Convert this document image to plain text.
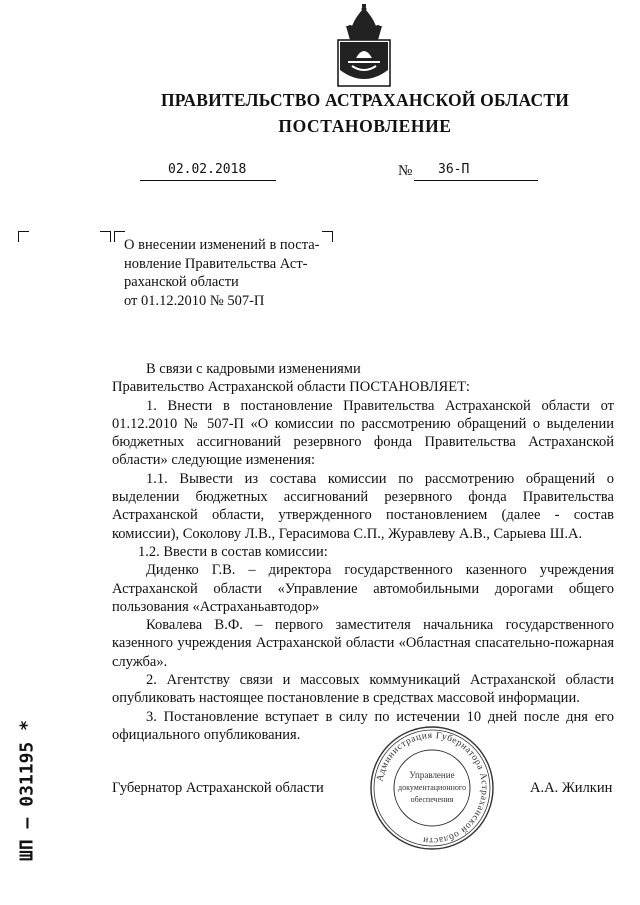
ПРАВИТЕЛЬСТВО АСТРАХАНСКОЙ ОБЛАСТИ
ПОСТАНОВЛЕНИЕ
02.02.2018	№ 36-П
О внесении изменений в поста-
новление Правительства Аст-
раханской области
от 01.12.2010 № 507-П

В связи с кадровыми изменениями

Правительство Астраханской области ПОСТАНОВЛЯЕТ:

1. Внести в постановление Правительства Астраханской области от 01.12.2010 № 507-П «О комиссии по рассмотрению обращений о выделении бюджетных ассигнований резервного фонда Правительства Астраханской области» следующие изменения:

1.1. Вывести из состава комиссии по рассмотрению обращений о выделении бюджетных ассигнований резервного фонда Правительства Астраханской области, утвержденного постановлением (далее - состав комиссии), Соколову Л.В., Герасимова С.П., Журавлеву А.В., Сарыева Ш.А.

1.2. Ввести в состав комиссии:

Диденко Г.В. – директора государственного казенного учреждения Астраханской области «Управление автомобильными дорогами общего пользования «Астраханьавтодор»

Ковалева В.Ф. – первого заместителя начальника государственного казенного учреждения Астраханской области «Областная спасательно-пожарная служба».

2. Агентству связи и массовых коммуникаций Астраханской области опубликовать настоящее постановление в средствах массовой информации.

3. Постановление вступает в силу по истечении 10 дней после дня его официального опубликования.

Губернатор Астраханской области	А.А. Жилкин
Администрация Губернатора Астраханской области
Управление
документационного
обеспечения
ШП – 031195 *
